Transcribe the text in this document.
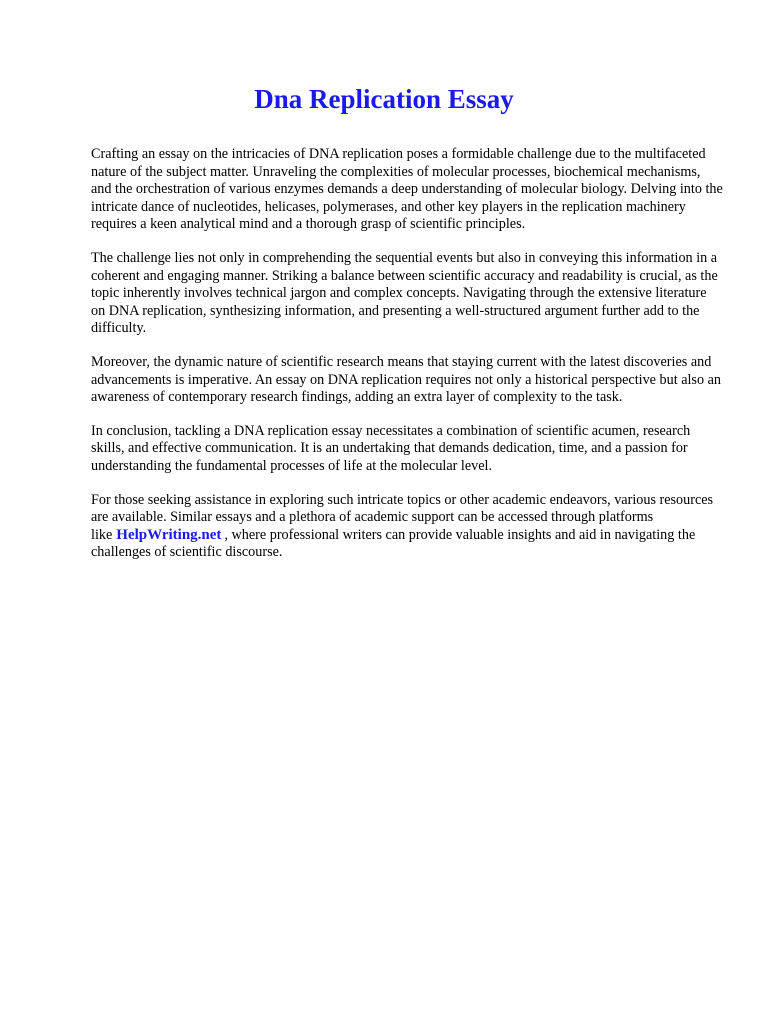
Dna Replication Essay

Crafting an essay on the intricacies of DNA replication poses a formidable challenge due to the multifaceted nature of the subject matter. Unraveling the complexities of molecular processes, biochemical mechanisms, and the orchestration of various enzymes demands a deep understanding of molecular biology. Delving into the intricate dance of nucleotides, helicases, polymerases, and other key players in the replication machinery requires a keen analytical mind and a thorough grasp of scientific principles.

The challenge lies not only in comprehending the sequential events but also in conveying this information in a coherent and engaging manner. Striking a balance between scientific accuracy and readability is crucial, as the topic inherently involves technical jargon and complex concepts. Navigating through the extensive literature on DNA replication, synthesizing information, and presenting a well-structured argument further add to the difficulty.

Moreover, the dynamic nature of scientific research means that staying current with the latest discoveries and advancements is imperative. An essay on DNA replication requires not only a historical perspective but also an awareness of contemporary research findings, adding an extra layer of complexity to the task.

In conclusion, tackling a DNA replication essay necessitates a combination of scientific acumen, research skills, and effective communication. It is an undertaking that demands dedication, time, and a passion for understanding the fundamental processes of life at the molecular level.

For those seeking assistance in exploring such intricate topics or other academic endeavors, various resources are available. Similar essays and a plethora of academic support can be accessed through platforms like HelpWriting.net , where professional writers can provide valuable insights and aid in navigating the challenges of scientific discourse.
